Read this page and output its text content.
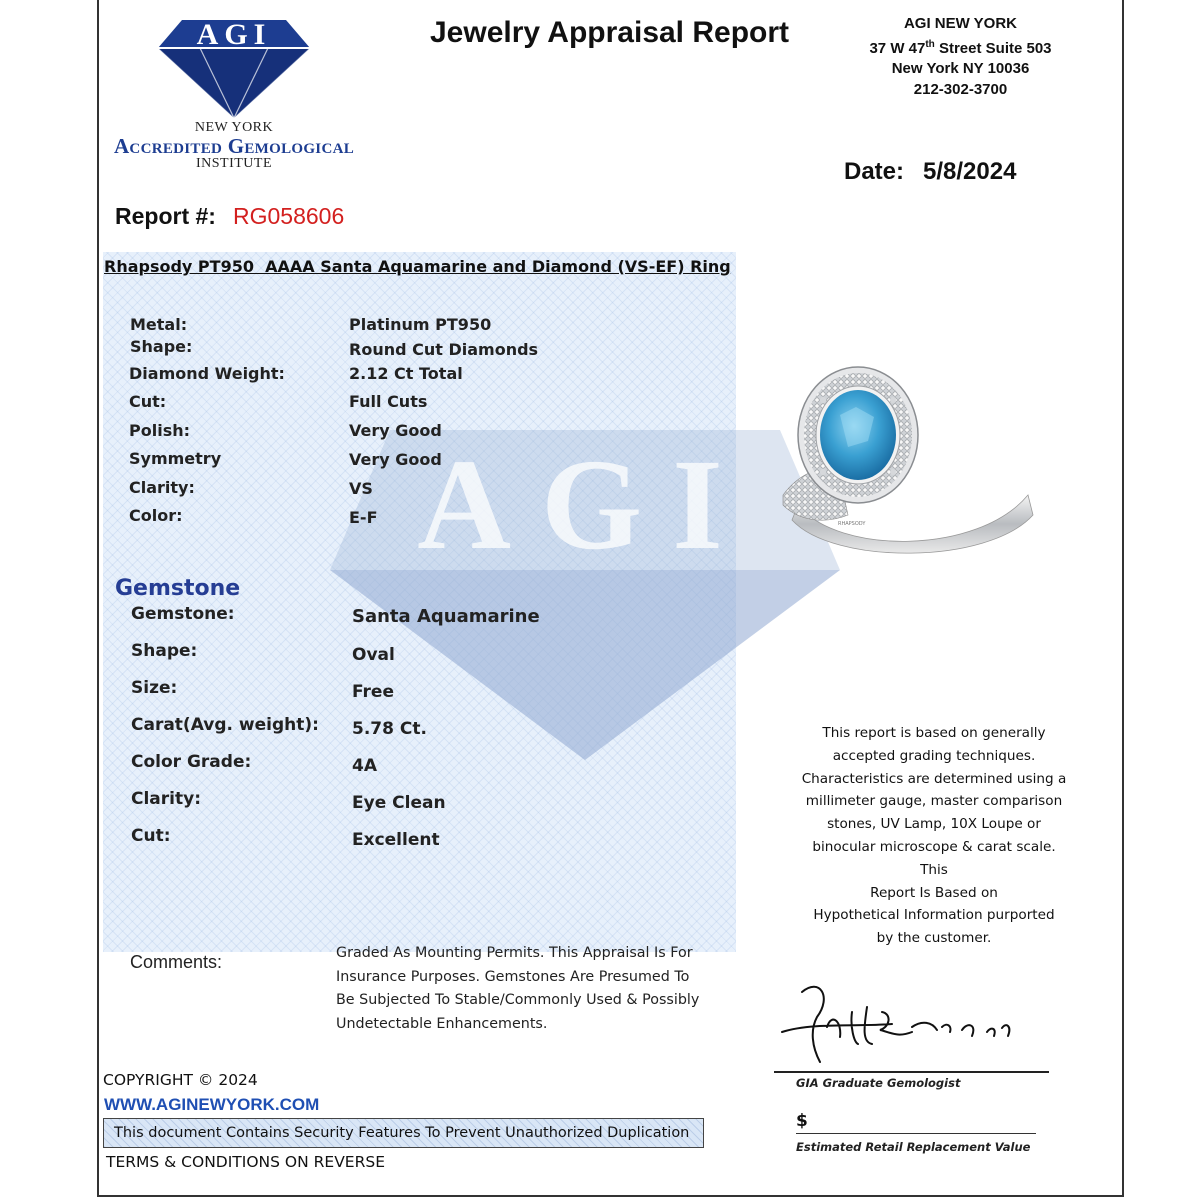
AGI
AGI
NEW YORK
Accredited Gemological
INSTITUTE
Jewelry Appraisal Report	AGI NEW YORK
37 W 47th Street Suite 503
New York NY 10036
212-302-3700
Date: 5/8/2024
Report #: RG058606
Rhapsody PT950  AAAA Santa Aquamarine and Diamond (VS-EF) Ring
Metal:	Platinum PT950
Shape:	Round Cut Diamonds
Diamond Weight:	2.12 Ct Total
Cut:	Full Cuts
Polish:	Very Good
Symmetry	Very Good
Clarity:	VS
Color:	E-F
Gemstone
Gemstone:	Santa Aquamarine
Shape:	Oval
Size:	Free
Carat(Avg. weight): 5.78 Ct.
Color Grade:	4A
Clarity:	Eye Clean
Cut:	Excellent
RHAPSODY
This report is based on generally
accepted grading techniques.
Characteristics are determined using a
millimeter gauge, master comparison
stones, UV Lamp, 10X Loupe or
binocular microscope & carat scale. This
Report Is Based on
Hypothetical Information purported
by the customer.
Comments:	Graded As Mounting Permits. This Appraisal Is For
Insurance Purposes. Gemstones Are Presumed To
Be Subjected To Stable/Commonly Used & Possibly
Undetectable Enhancements.
GIA Graduate Gemologist
$
Estimated Retail Replacement Value
COPYRIGHT © 2024
WWW.AGINEWYORK.COM
This document Contains Security Features To Prevent Unauthorized Duplication
TERMS & CONDITIONS ON REVERSE
